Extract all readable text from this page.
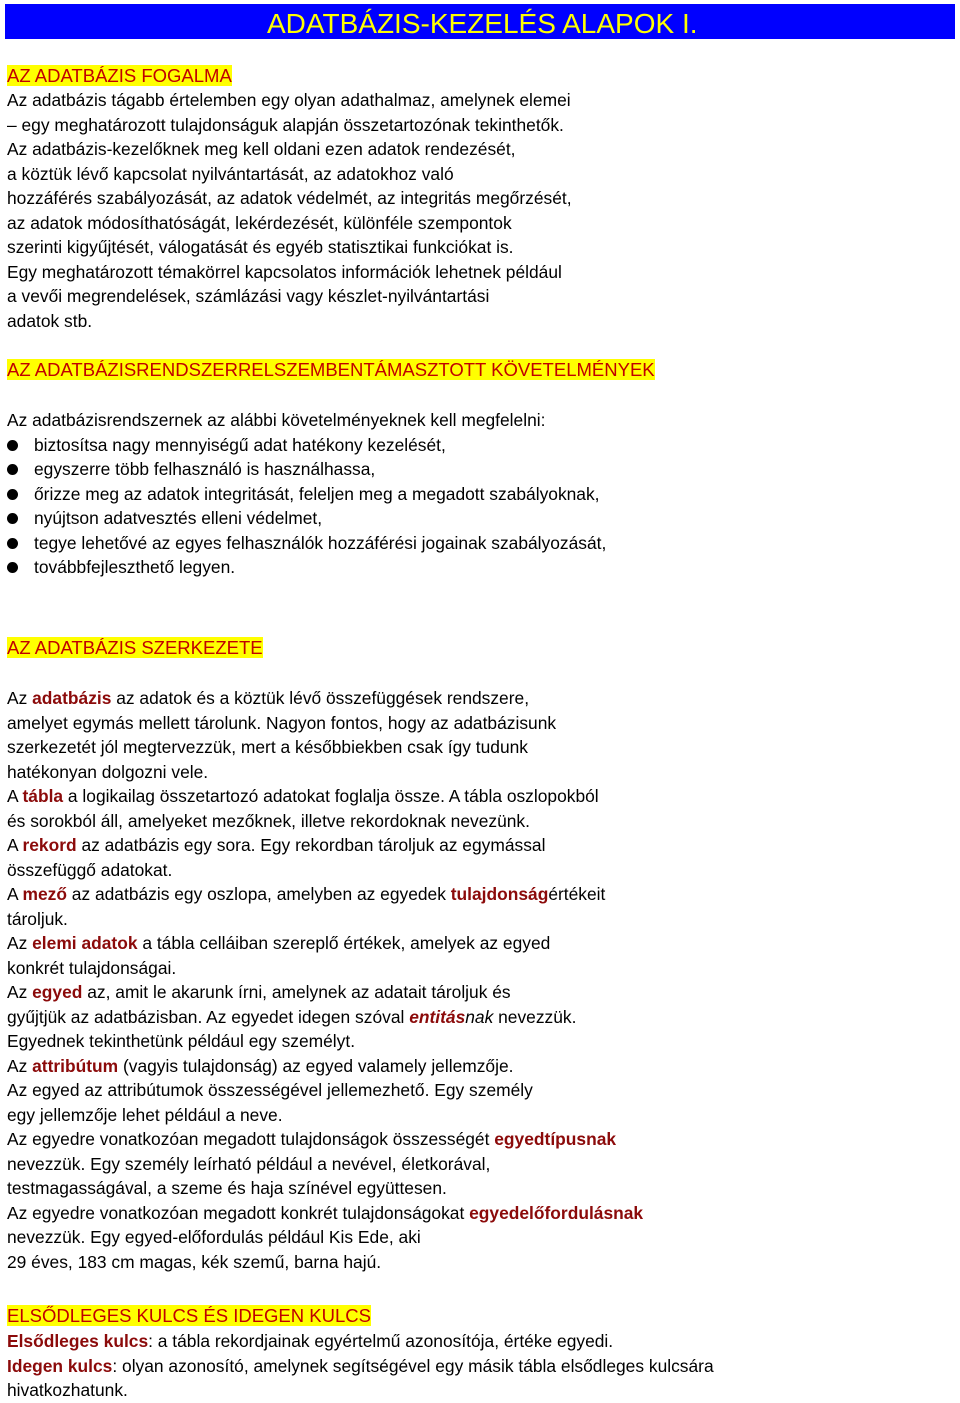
ADATBÁZIS-KEZELÉS ALAPOK I.
AZ ADATBÁZIS FOGALMA
Az adatbázis tágabb értelemben egy olyan adathalmaz, amelynek elemei
– egy meghatározott tulajdonságuk alapján összetartozónak tekinthetők.
Az adatbázis-kezelőknek meg kell oldani ezen adatok rendezését,
a köztük lévő kapcsolat nyilvántartását, az adatokhoz való
hozzáférés szabályozását, az adatok védelmét, az integritás megőrzését,
az adatok módosíthatóságát, lekérdezését, különféle szempontok
szerinti kigyűjtését, válogatását és egyéb statisztikai funkciókat is.
Egy meghatározott témakörrel kapcsolatos információk lehetnek például
a vevői megrendelések, számlázási vagy készlet-nyilvántartási
adatok stb.
AZ ADATBÁZISRENDSZERRELSZEMBENTÁMASZTOTT KÖVETELMÉNYEK
Az adatbázisrendszernek az alábbi követelményeknek kell megfelelni:
biztosítsa nagy mennyiségű adat hatékony kezelését,
egyszerre több felhasználó is használhassa,
őrizze meg az adatok integritását, feleljen meg a megadott szabályoknak,
nyújtson adatvesztés elleni védelmet,
tegye lehetővé az egyes felhasználók hozzáférési jogainak szabályozását,
továbbfejleszthető legyen.
AZ ADATBÁZIS SZERKEZETE
Az adatbázis az adatok és a köztük lévő összefüggések rendszere,
amelyet egymás mellett tárolunk. Nagyon fontos, hogy az adatbázisunk
szerkezetét jól megtervezzük, mert a későbbiekben csak így tudunk
hatékonyan dolgozni vele.
A tábla a logikailag összetartozó adatokat foglalja össze. A tábla oszlopokból
és sorokból áll, amelyeket mezőknek, illetve rekordoknak nevezünk.
A rekord az adatbázis egy sora. Egy rekordban tároljuk az egymással
összefüggő adatokat.
A mező az adatbázis egy oszlopa, amelyben az egyedek tulajdonságértékeit
tároljuk.
Az elemi adatok a tábla celláiban szereplő értékek, amelyek az egyed
konkrét tulajdonságai.
Az egyed az, amit le akarunk írni, amelynek az adatait tároljuk és
gyűjtjük az adatbázisban. Az egyedet idegen szóval entitásnak nevezzük.
Egyednek tekinthetünk például egy személyt.
Az attribútum (vagyis tulajdonság) az egyed valamely jellemzője.
Az egyed az attribútumok összességével jellemezhető. Egy személy
egy jellemzője lehet például a neve.
Az egyedre vonatkozóan megadott tulajdonságok összességét egyedtípusnak
nevezzük. Egy személy leírható például a nevével, életkorával,
testmagasságával, a szeme és haja színével együttesen.
Az egyedre vonatkozóan megadott konkrét tulajdonságokat egyedelőfordulásnak
nevezzük. Egy egyed-előfordulás például Kis Ede, aki
29 éves, 183 cm magas, kék szemű, barna hajú.
ELSŐDLEGES KULCS ÉS IDEGEN KULCS
Elsődleges kulcs: a tábla rekordjainak egyértelmű azonosítója, értéke egyedi.
Idegen kulcs: olyan azonosító, amelynek segítségével egy másik tábla elsődleges kulcsára
hivatkozhatunk.
